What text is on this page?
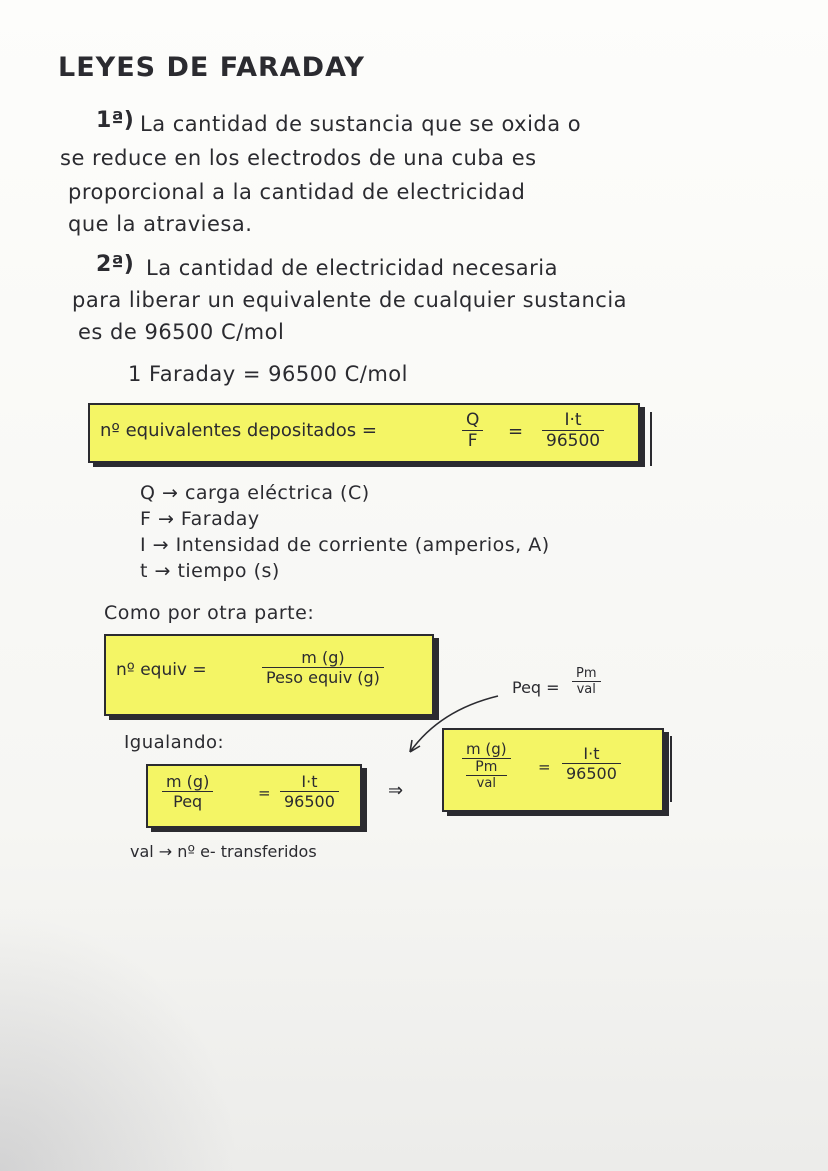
LEYES DE FARADAY
1ª) La cantidad de sustancia que se oxida o
se reduce en los electrodos de una cuba es
proporcional a la cantidad de electricidad
que la atraviesa.
2ª) La cantidad de electricidad necesaria
para liberar un equivalente de cualquier sustancia
es de 96500 C/mol
1 Faraday = 96500 C/mol
nº equivalentes depositados =	$\frac{Q}{F} = \frac{I\cdot t}{96500}$
Q → carga eléctrica (C)
F → Faraday
I → Intensidad de corriente (amperios, A)
t → tiempo (s)
Como por otra parte:
nº equiv =
m (g)
Peso equiv (g)
Peq =
Pm
val
Igualando:
m (g)
Peq	= $\frac{I\cdot t}{96500}$	⇒
m (g)
Pm
val
= $\frac{I\cdot t}{96500}$
val → nº e- transferidos
